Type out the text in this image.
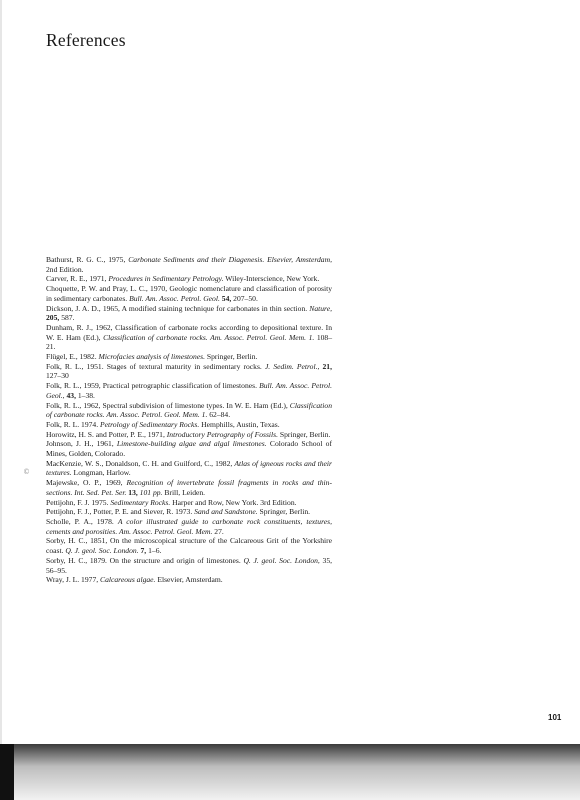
References

Bathurst, R. G. C., 1975, Carbonate Sediments and their Diagenesis. Elsevier, Amsterdam, 2nd Edition.

Carver, R. E., 1971, Procedures in Sedimentary Petrology. Wiley-Interscience, New York.

Choquette, P. W. and Pray, L. C., 1970, Geologic nomenclature and classification of porosity in sedimentary carbonates. Bull. Am. Assoc. Petrol. Geol. 54, 207–50.

Dickson, J. A. D., 1965, A modified staining technique for carbonates in thin section. Nature, 205, 587.

Dunham, R. J., 1962, Classification of carbonate rocks according to depositional texture. In W. E. Ham (Ed.), Classification of carbonate rocks. Am. Assoc. Petrol. Geol. Mem. 1. 108–21.

Flügel, E., 1982. Microfacies analysis of limestones. Springer, Berlin.

Folk, R. L., 1951. Stages of textural maturity in sedimentary rocks. J. Sedim. Petrol., 21, 127–30

Folk, R. L., 1959, Practical petrographic classification of limestones. Bull. Am. Assoc. Petrol. Geol., 43, 1–38.

Folk, R. L., 1962, Spectral subdivision of limestone types. In W. E. Ham (Ed.), Classification of carbonate rocks. Am. Assoc. Petrol. Geol. Mem. 1. 62–84.

Folk, R. L. 1974. Petrology of Sedimentary Rocks. Hemphills, Austin, Texas.

Horowitz, H. S. and Potter, P. E., 1971, Introductory Petrography of Fossils. Springer, Berlin.

Johnson, J. H., 1961, Limestone-building algae and algal limestones. Colorado School of Mines, Golden, Colorado.

MacKenzie, W. S., Donaldson, C. H. and Guilford, C., 1982, Atlas of igneous rocks and their textures. Longman, Harlow.

Majewske, O. P., 1969, Recognition of invertebrate fossil fragments in rocks and thin-sections. Int. Sed. Pet. Ser. 13, 101 pp. Brill, Leiden.

Pettijohn, F. J. 1975. Sedimentary Rocks. Harper and Row, New York. 3rd Edition.

Pettijohn, F. J., Potter, P. E. and Siever, R. 1973. Sand and Sandstone. Springer, Berlin.

Scholle, P. A., 1978. A color illustrated guide to carbonate rock constituents, textures, cements and porosities. Am. Assoc. Petrol. Geol. Mem. 27.

Sorby, H. C., 1851, On the microscopical structure of the Calcareous Grit of the Yorkshire coast. Q. J. geol. Soc. London. 7, 1–6.

Sorby, H. C., 1879. On the structure and origin of limestones. Q. J. geol. Soc. London, 35, 56–95.

Wray, J. L. 1977, Calcareous algae. Elsevier, Amsterdam.

©
101
